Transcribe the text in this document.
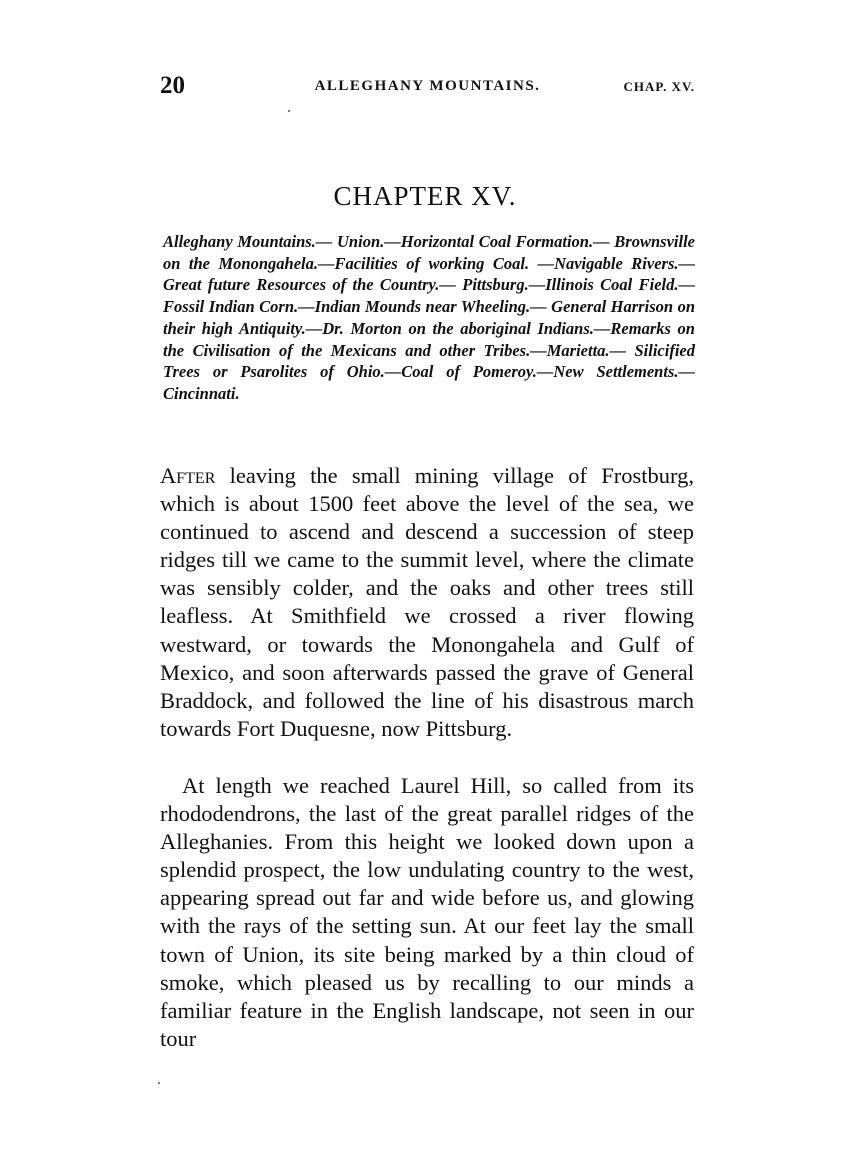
20	ALLEGHANY MOUNTAINS.	CHAP. XV.
CHAPTER XV.

Alleghany Mountains.— Union.—Horizontal Coal Formation.— Brownsville on the Monongahela.—Facilities of working Coal. —Navigable Rivers.— Great future Resources of the Country.— Pittsburg.—Illinois Coal Field.—Fossil Indian Corn.—Indian Mounds near Wheeling.— General Harrison on their high Antiquity.—Dr. Morton on the aboriginal Indians.—Remarks on the Civilisation of the Mexicans and other Tribes.—Marietta.— Silicified Trees or Psarolites of Ohio.—Coal of Pomeroy.—New Settlements.—Cincinnati.

After leaving the small mining village of Frostburg, which is about 1500 feet above the level of the sea, we continued to ascend and descend a succession of steep ridges till we came to the summit level, where the climate was sensibly colder, and the oaks and other trees still leafless. At Smithfield we crossed a river flowing westward, or towards the Monongahela and Gulf of Mexico, and soon afterwards passed the grave of General Braddock, and followed the line of his disastrous march towards Fort Duquesne, now Pittsburg.

At length we reached Laurel Hill, so called from its rhododendrons, the last of the great parallel ridges of the Alleghanies. From this height we looked down upon a splendid prospect, the low undulating country to the west, appearing spread out far and wide before us, and glowing with the rays of the setting sun. At our feet lay the small town of Union, its site being marked by a thin cloud of smoke, which pleased us by recalling to our minds a familiar feature in the English landscape, not seen in our tour
